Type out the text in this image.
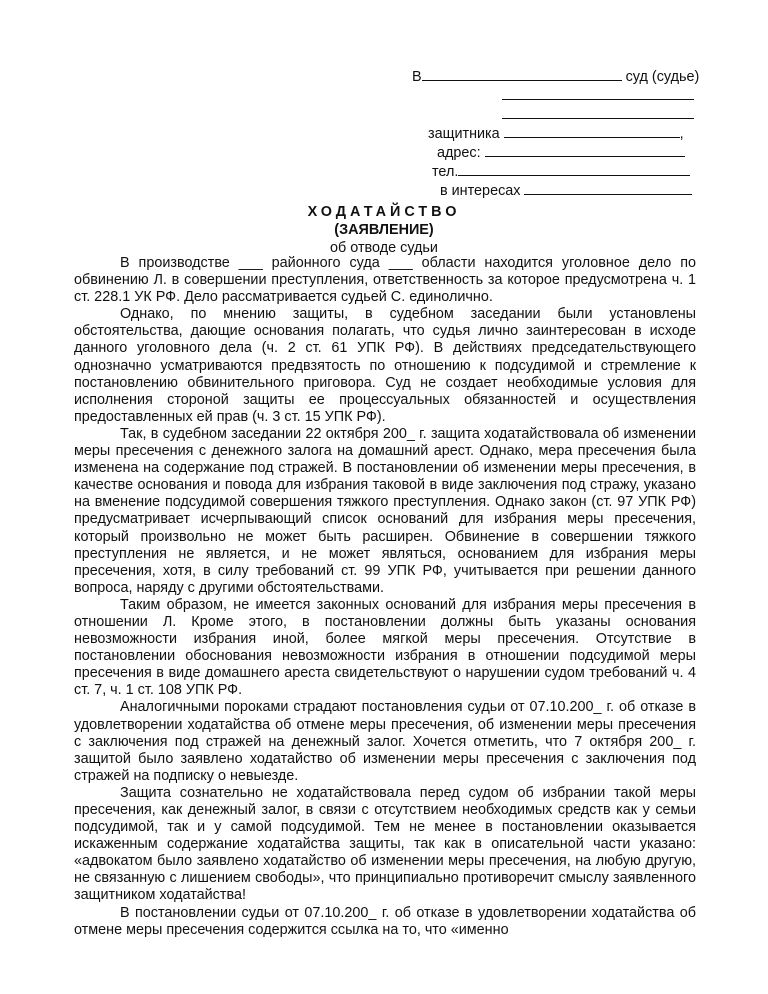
В	суд (судье)
защитника	,
адрес:
тел.
в интересах
ХОДАТАЙСТВО
(ЗАЯВЛЕНИЕ)
об отводе судьи

В производстве ___ районного суда ___ области находится уголовное дело по обвинению Л. в совершении преступления, ответственность за которое предусмотрена ч. 1 ст. 228.1 УК РФ. Дело рассматривается судьей С. единолично.

Однако, по мнению защиты, в судебном заседании были установлены обстоятельства, дающие основания полагать, что судья лично заинтересован в исходе данного уголовного дела (ч. 2 ст. 61 УПК РФ). В действиях председательствующего однозначно усматриваются предвзятость по отношению к подсудимой и стремление к постановлению обвинительного приговора. Суд не создает необходимые условия для исполнения стороной защиты ее процессуальных обязанностей и осуществления предоставленных ей прав (ч. 3 ст. 15 УПК РФ).

Так, в судебном заседании 22 октября 200_ г. защита ходатайствовала об изменении меры пресечения с денежного залога на домашний арест. Однако, мера пресечения была изменена на содержание под стражей. В постановлении об изменении меры пресечения, в качестве основания и повода для избрания таковой в виде заключения под стражу, указано на вменение подсудимой совершения тяжкого преступления. Однако закон (ст. 97 УПК РФ) предусматривает исчерпывающий список оснований для избрания меры пресечения, который произвольно не может быть расширен. Обвинение в совершении тяжкого преступления не является, и не может являться, основанием для избрания меры пресечения, хотя, в силу требований ст. 99 УПК РФ, учитывается при решении данного вопроса, наряду с другими обстоятельствами.

Таким образом, не имеется законных оснований для избрания меры пресечения в отношении Л. Кроме этого, в постановлении должны быть указаны основания невозможности избрания иной, более мягкой меры пресечения. Отсутствие в постановлении обоснования невозможности избрания в отношении подсудимой меры пресечения в виде домашнего ареста свидетельствуют о нарушении судом требований ч. 4 ст. 7, ч. 1 ст. 108 УПК РФ.

Аналогичными пороками страдают постановления судьи от 07.10.200_ г. об отказе в удовлетворении ходатайства об отмене меры пресечения, об изменении меры пресечения с заключения под стражей на денежный залог. Хочется отметить, что 7 октября 200_ г. защитой было заявлено ходатайство об изменении меры пресечения с заключения под стражей на подписку о невыезде.

Защита сознательно не ходатайствовала перед судом об избрании такой меры пресечения, как денежный залог, в связи с отсутствием необходимых средств как у семьи подсудимой, так и у самой подсудимой. Тем не менее в постановлении оказывается искаженным содержание ходатайства защиты, так как в описательной части указано: «адвокатом было заявлено ходатайство об изменении меры пресечения, на любую другую, не связанную с лишением свободы», что принципиально противоречит смыслу заявленного защитником ходатайства!

В постановлении судьи от 07.10.200_ г. об отказе в удовлетворении ходатайства об отмене меры пресечения содержится ссылка на то, что «именно
